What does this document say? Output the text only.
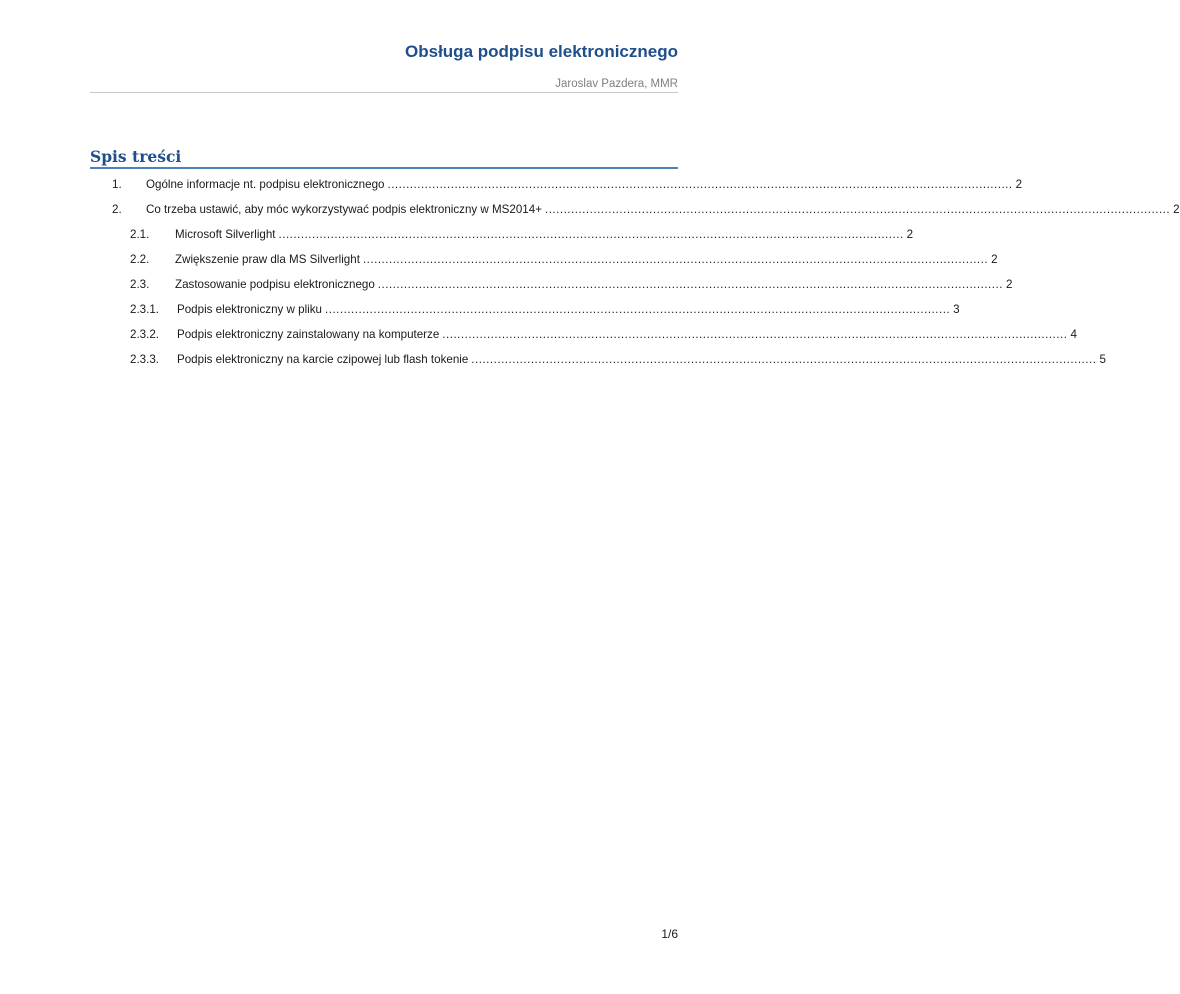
Obsługa podpisu elektronicznego
Jaroslav Pazdera, MMR
Spis treści
1.	Ogólne informacje nt. podpisu elektronicznego ........................................................................................................................................................................ 2
2.	Co trzeba ustawić, aby móc wykorzystywać podpis elektroniczny w MS2014+ ........................................................................................................................................................................ 2
2.1.	Microsoft Silverlight ........................................................................................................................................................................ 2
2.2.	Zwiększenie praw dla MS Silverlight ........................................................................................................................................................................ 2
2.3.	Zastosowanie podpisu elektronicznego ........................................................................................................................................................................ 2
2.3.1.	Podpis elektroniczny w pliku ........................................................................................................................................................................ 3
2.3.2.	Podpis elektroniczny zainstalowany na komputerze ........................................................................................................................................................................ 4
2.3.3.	Podpis elektroniczny na karcie czipowej lub flash tokenie ........................................................................................................................................................................ 5
1/6
